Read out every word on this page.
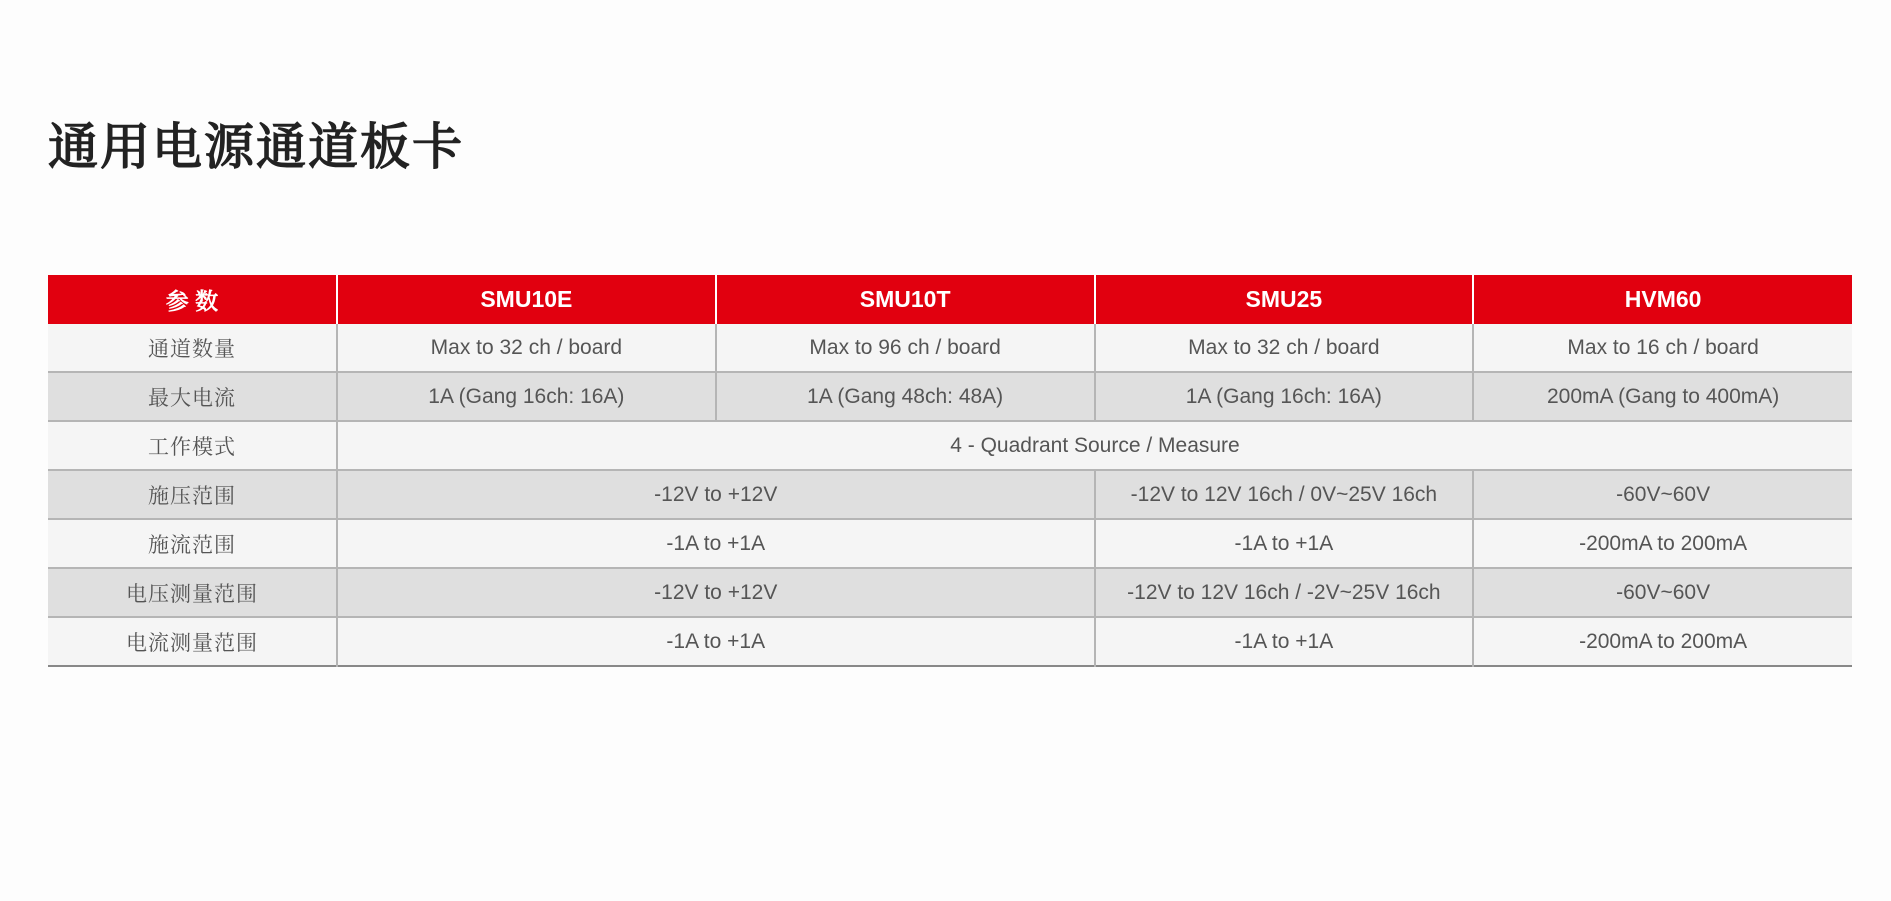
通用电源通道板卡
参 数	SMU10E	SMU10T	SMU25	HVM60
通道数量	Max to 32 ch / board	Max to 96 ch / board	Max to 32 ch / board	Max to 16 ch / board
最大电流	1A (Gang 16ch: 16A)	1A (Gang 48ch: 48A)	1A (Gang 16ch: 16A)	200mA (Gang to 400mA)
工作模式	4 - Quadrant Source / Measure			
施压范围	-12V to +12V		-12V to 12V 16ch / 0V~25V 16ch	-60V~60V
施流范围	-1A to +1A		-1A to +1A	-200mA to 200mA
电压测量范围	-12V to +12V		-12V to 12V 16ch / -2V~25V 16ch	-60V~60V
电流测量范围	-1A to +1A		-1A to +1A	-200mA to 200mA
